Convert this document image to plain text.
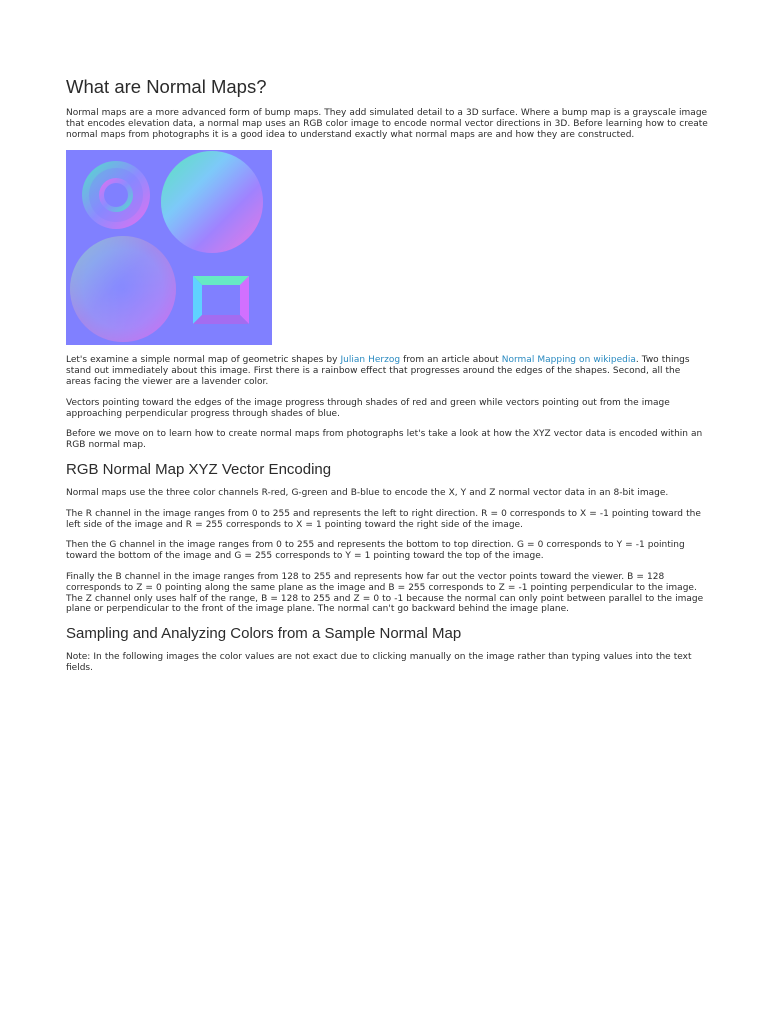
What are Normal Maps?

Normal maps are a more advanced form of bump maps. They add simulated detail to a 3D surface. Where a bump map is a grayscale image that encodes elevation data, a normal map uses an RGB color image to encode normal vector directions in 3D. Before learning how to create normal maps from photographs it is a good idea to understand exactly what normal maps are and how they are constructed.

Let's examine a simple normal map of geometric shapes by Julian Herzog from an article about Normal Mapping on wikipedia. Two things stand out immediately about this image. First there is a rainbow effect that progresses around the edges of the shapes. Second, all the areas facing the viewer are a lavender color.

Vectors pointing toward the edges of the image progress through shades of red and green while vectors pointing out from the image approaching perpendicular progress through shades of blue.

Before we move on to learn how to create normal maps from photographs let's take a look at how the XYZ vector data is encoded within an RGB normal map.

RGB Normal Map XYZ Vector Encoding

Normal maps use the three color channels R-red, G-green and B-blue to encode the X, Y and Z normal vector data in an 8-bit image.

The R channel in the image ranges from 0 to 255 and represents the left to right direction. R = 0 corresponds to X = -1 pointing toward the left side of the image and R = 255 corresponds to X = 1 pointing toward the right side of the image.

Then the G channel in the image ranges from 0 to 255 and represents the bottom to top direction. G = 0 corresponds to Y = -1 pointing toward the bottom of the image and G = 255 corresponds to Y = 1 pointing toward the top of the image.

Finally the B channel in the image ranges from 128 to 255 and represents how far out the vector points toward the viewer. B = 128 corresponds to Z = 0 pointing along the same plane as the image and B = 255 corresponds to Z = -1 pointing perpendicular to the image. The Z channel only uses half of the range, B = 128 to 255 and Z = 0 to -1 because the normal can only point between parallel to the image plane or perpendicular to the front of the image plane. The normal can't go backward behind the image plane.

Sampling and Analyzing Colors from a Sample Normal Map

Note: In the following images the color values are not exact due to clicking manually on the image rather than typing values into the text fields.
